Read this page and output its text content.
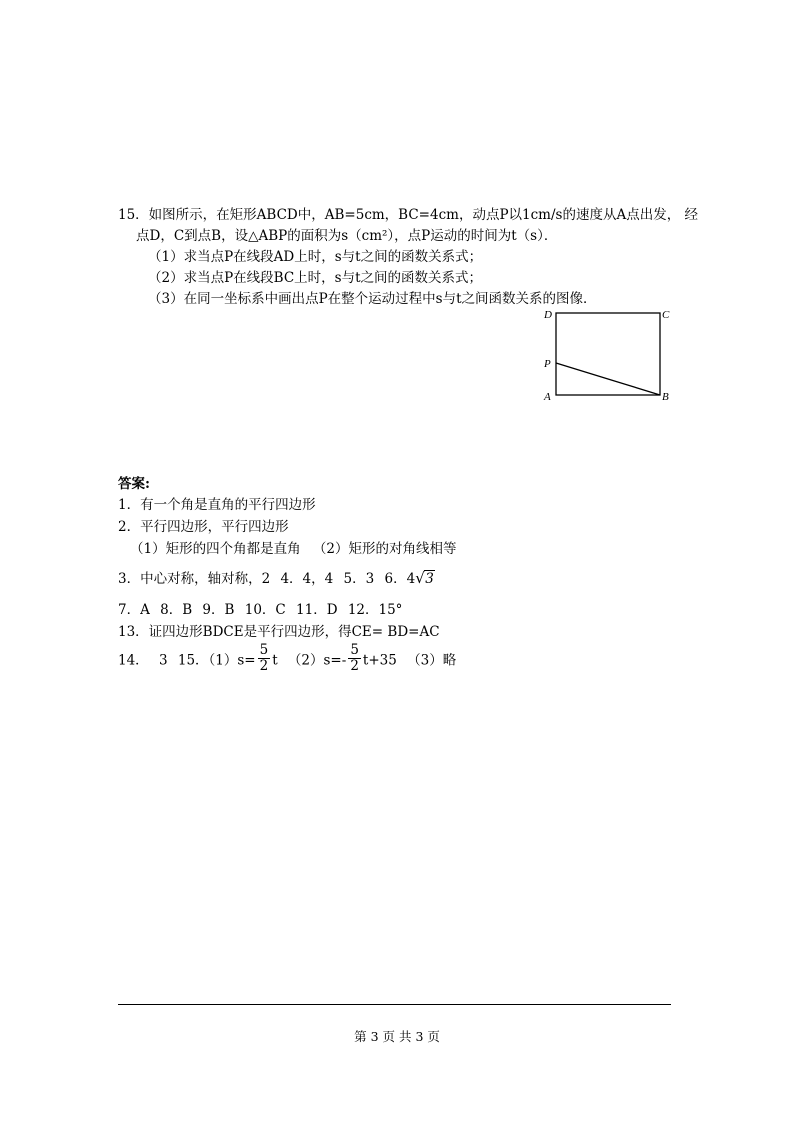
15．如图所示，在矩形ABCD中，AB=5cm，BC=4cm，动点P以1cm/s的速度从A点出发， 经
点D，C到点B，设△ABP的面积为s（cm²），点P运动的时间为t（s）．
（1）求当点P在线段AD上时，s与t之间的函数关系式；
（2）求当点P在线段BC上时，s与t之间的函数关系式；
（3）在同一坐标系中画出点P在整个运动过程中s与t之间函数关系的图像．
D	C
P
A	B
答案:
1．有一个角是直角的平行四边形
2．平行四边形，平行四边形
（1）矩形的四个角都是直角 （2）矩形的对角线相等
3．中心对称，轴对称，2 4．4，4 5．3 6．4 √ 3
7．A 8．B 9．B 10．C 11．D 12．15°
13．证四边形BDCE是平行四边形，得CE= BD=AC
14． 3 15．$(1)s= \frac{5}{2}$ t $(2)s=- \frac{5}{2} t+35$ （3）略
第 3 页 共 3 页
